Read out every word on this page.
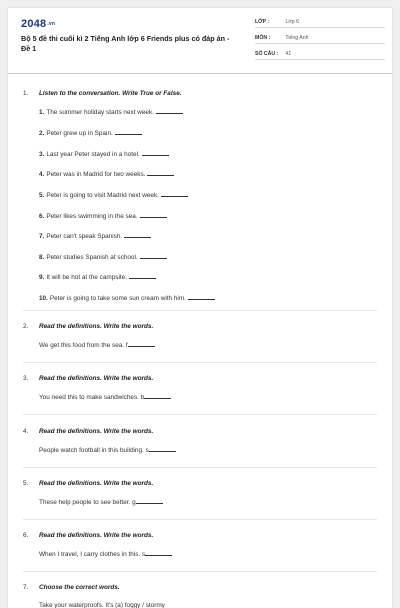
2048.vn
Bộ 5 đề thi cuối kì 2 Tiếng Anh lớp 6 Friends plus có đáp án - Đề 1
LỚP :	Lớp 6
MÔN :	Tiếng Anh
SỐ CÂU : 41
1. Listen to the conversation. Write True or False.
1. The summer holiday starts next week.
2. Peter grew up in Spain.
3. Last year Peter stayed in a hotel.
4. Peter was in Madrid for two weeks.
5. Peter is going to visit Madrid next week.
6. Peter likes swimming in the sea.
7. Peter can't speak Spanish.
8. Peter studies Spanish at school.
9. It will be hot at the campsite.
10. Peter is going to take some sun cream with him.
2. Read the definitions. Write the words.
We get this food from the sea. f
3. Read the definitions. Write the words.
You need this to make sandwiches. b
4. Read the definitions. Write the words.
People watch football in this building. s
5. Read the definitions. Write the words.
These help people to see better. g
6. Read the definitions. Write the words.
When I travel, I carry clothes in this. s
7. Choose the correct words.
Take your waterproofs. It's (a) foggy / stormy
